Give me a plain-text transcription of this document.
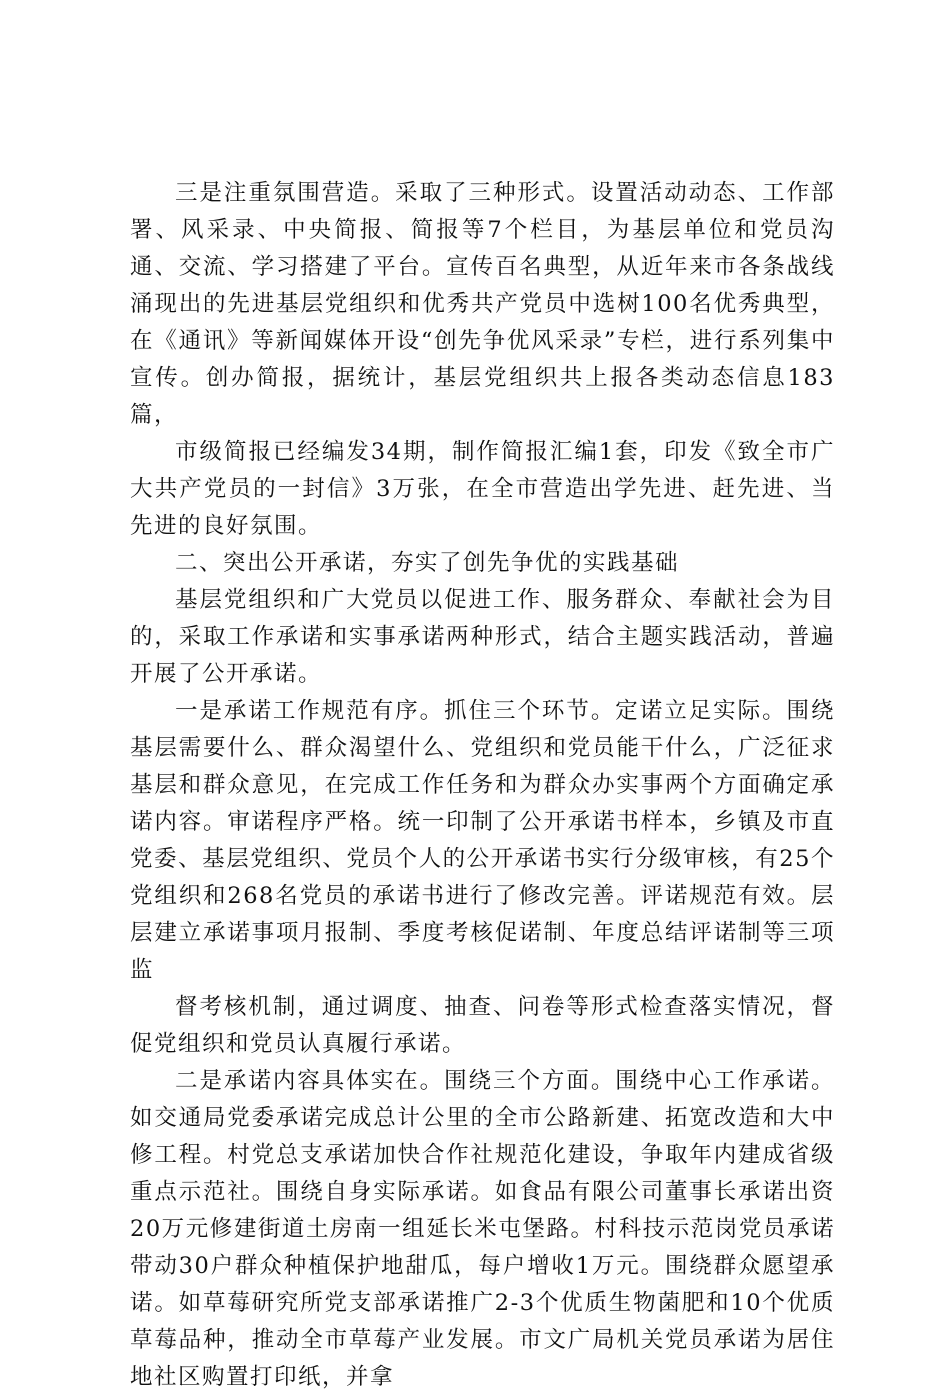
三是注重氛围营造。采取了三种形式。设置活动动态、工作部署、风采录、中央简报、简报等7个栏目，为基层单位和党员沟通、交流、学习搭建了平台。宣传百名典型，从近年来市各条战线涌现出的先进基层党组织和优秀共产党员中选树100名优秀典型，在《通讯》等新闻媒体开设“创先争优风采录”专栏，进行系列集中宣传。创办简报，据统计，基层党组织共上报各类动态信息183篇，

市级简报已经编发34期，制作简报汇编1套，印发《致全市广大共产党员的一封信》3万张，在全市营造出学先进、赶先进、当先进的良好氛围。

二、突出公开承诺，夯实了创先争优的实践基础

基层党组织和广大党员以促进工作、服务群众、奉献社会为目的，采取工作承诺和实事承诺两种形式，结合主题实践活动，普遍开展了公开承诺。

一是承诺工作规范有序。抓住三个环节。定诺立足实际。围绕基层需要什么、群众渴望什么、党组织和党员能干什么，广泛征求基层和群众意见，在完成工作任务和为群众办实事两个方面确定承诺内容。审诺程序严格。统一印制了公开承诺书样本，乡镇及市直党委、基层党组织、党员个人的公开承诺书实行分级审核，有25个党组织和268名党员的承诺书进行了修改完善。评诺规范有效。层层建立承诺事项月报制、季度考核促诺制、年度总结评诺制等三项监

督考核机制，通过调度、抽查、问卷等形式检查落实情况，督促党组织和党员认真履行承诺。

二是承诺内容具体实在。围绕三个方面。围绕中心工作承诺。如交通局党委承诺完成总计公里的全市公路新建、拓宽改造和大中修工程。村党总支承诺加快合作社规范化建设，争取年内建成省级重点示范社。围绕自身实际承诺。如食品有限公司董事长承诺出资20万元修建街道土房南一组延长米屯堡路。村科技示范岗党员承诺带动30户群众种植保护地甜瓜，每户增收1万元。围绕群众愿望承诺。如草莓研究所党支部承诺推广2-3个优质生物菌肥和10个优质草莓品种，推动全市草莓产业发展。市文广局机关党员承诺为居住地社区购置打印纸，并拿
